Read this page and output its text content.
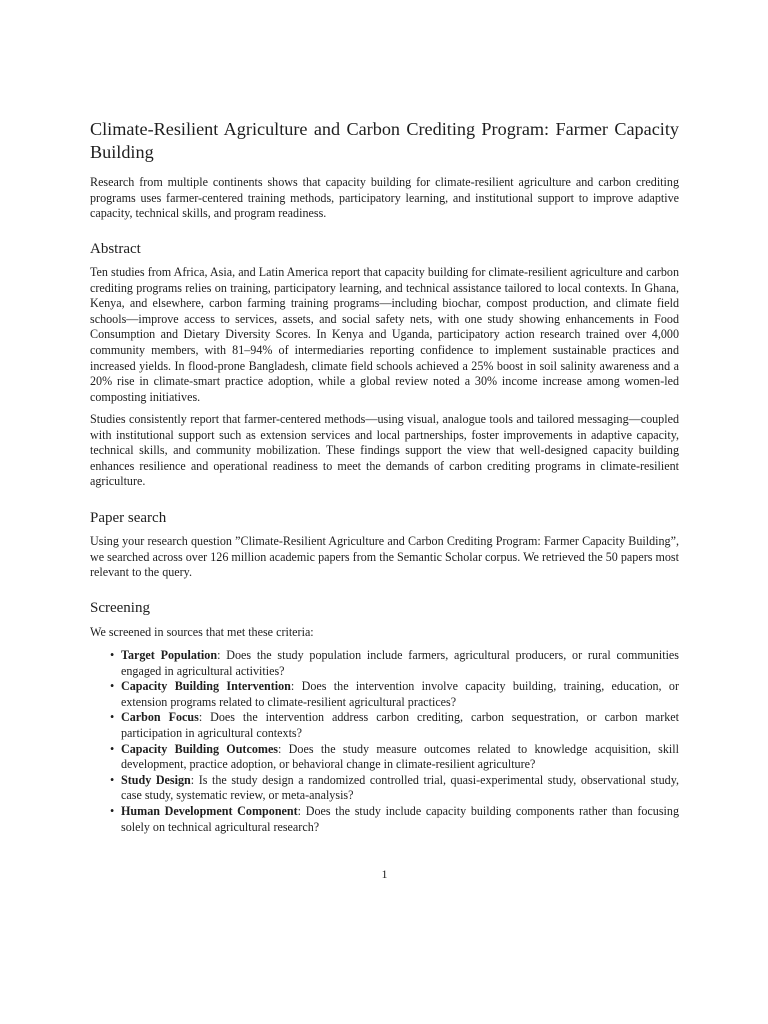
Climate-Resilient Agriculture and Carbon Crediting Program: Farmer Capacity Building
Research from multiple continents shows that capacity building for climate-resilient agriculture and carbon crediting programs uses farmer-centered training methods, participatory learning, and institutional support to improve adaptive capacity, technical skills, and program readiness.
Abstract

Ten studies from Africa, Asia, and Latin America report that capacity building for climate-resilient agriculture and carbon crediting programs relies on training, participatory learning, and technical assistance tailored to local contexts. In Ghana, Kenya, and elsewhere, carbon farming training programs—including biochar, compost production, and climate field schools—improve access to services, assets, and social safety nets, with one study showing enhancements in Food Consumption and Dietary Diversity Scores. In Kenya and Uganda, participatory action research trained over 4,000 community members, with 81–94% of intermediaries reporting confidence to implement sustainable practices and increased yields. In flood-prone Bangladesh, climate field schools achieved a 25% boost in soil salinity awareness and a 20% rise in climate-smart practice adoption, while a global review noted a 30% income increase among women-led composting initiatives.

Studies consistently report that farmer-centered methods—using visual, analogue tools and tailored messaging—coupled with institutional support such as extension services and local partnerships, foster improvements in adaptive capacity, technical skills, and community mobilization. These findings support the view that well-designed capacity building enhances resilience and operational readiness to meet the demands of carbon crediting programs in climate-resilient agriculture.

Paper search

Using your research question ”Climate-Resilient Agriculture and Carbon Crediting Program: Farmer Capacity Building”, we searched across over 126 million academic papers from the Semantic Scholar corpus. We retrieved the 50 papers most relevant to the query.

Screening

We screened in sources that met these criteria:

• Target Population: Does the study population include farmers, agricultural producers, or rural communities engaged in agricultural activities?
• Capacity Building Intervention: Does the intervention involve capacity building, training, education, or extension programs related to climate-resilient agricultural practices?
• Carbon Focus: Does the intervention address carbon crediting, carbon sequestration, or carbon market participation in agricultural contexts?
• Capacity Building Outcomes: Does the study measure outcomes related to knowledge acquisition, skill development, practice adoption, or behavioral change in climate-resilient agriculture?
• Study Design: Is the study design a randomized controlled trial, quasi-experimental study, observational study, case study, systematic review, or meta-analysis?
• Human Development Component: Does the study include capacity building components rather than focusing solely on technical agricultural research?
1
